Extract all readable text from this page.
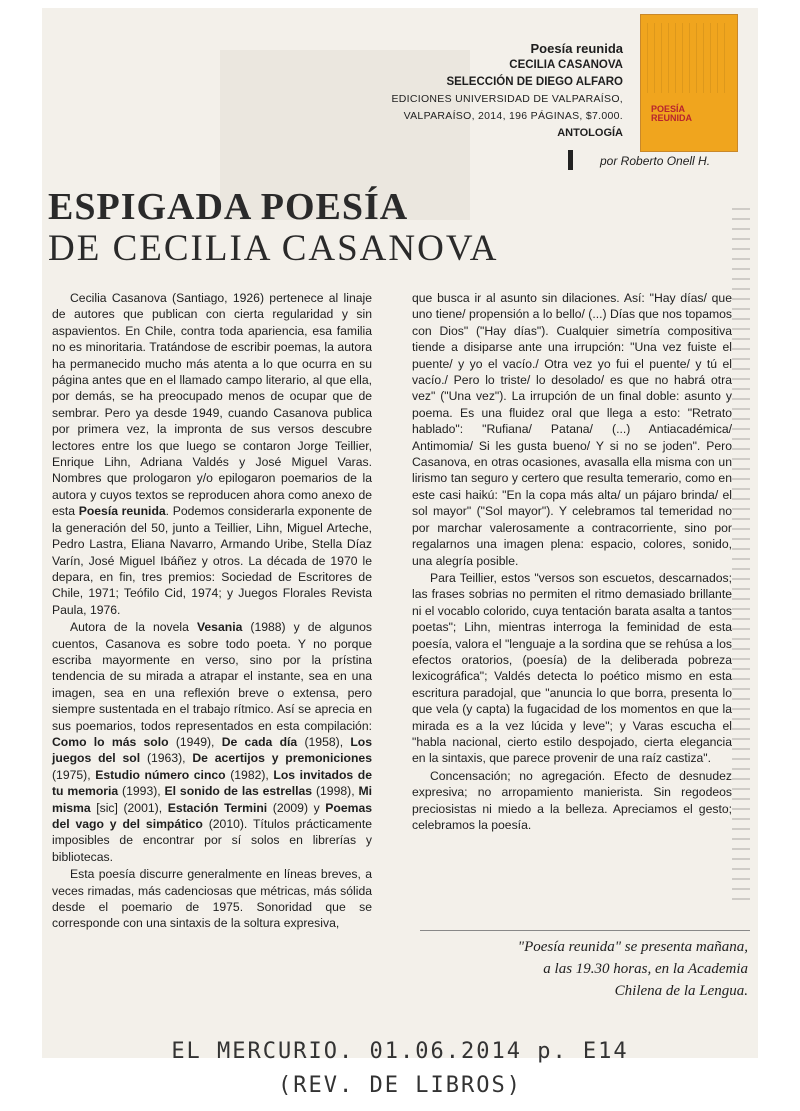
Poesía reunida
CECILIA CASANOVA
SELECCIÓN DE DIEGO ALFARO
EDICIONES UNIVERSIDAD DE VALPARAÍSO,
VALPARAÍSO, 2014, 196 PÁGINAS, $7.000.
ANTOLOGÍA
POESÍA
REUNIDA
por Roberto Onell H.
ESPIGADA POESÍA
DE CECILIA CASANOVA

Cecilia Casanova (Santiago, 1926) pertenece al linaje de autores que publican con cierta regularidad y sin aspavientos. En Chile, contra toda apariencia, esa familia no es minoritaria. Tratándose de escribir poemas, la autora ha permanecido mucho más atenta a lo que ocurra en su página antes que en el llamado campo literario, al que ella, por demás, se ha preocupado menos de ocupar que de sembrar. Pero ya desde 1949, cuando Casanova publica por primera vez, la impronta de sus versos descubre lectores entre los que luego se contaron Jorge Teillier, Enrique Lihn, Adriana Valdés y José Miguel Varas. Nombres que prologaron y/o epilogaron poemarios de la autora y cuyos textos se reproducen ahora como anexo de esta Poesía reunida. Podemos considerarla exponente de la generación del 50, junto a Teillier, Lihn, Miguel Arteche, Pedro Lastra, Eliana Navarro, Armando Uribe, Stella Díaz Varín, José Miguel Ibáñez y otros. La década de 1970 le depara, en fin, tres premios: Sociedad de Escritores de Chile, 1971; Teófilo Cid, 1974; y Juegos Florales Revista Paula, 1976.

Autora de la novela Vesania (1988) y de algunos cuentos, Casanova es sobre todo poeta. Y no porque escriba mayormente en verso, sino por la prístina tendencia de su mirada a atrapar el instante, sea en una imagen, sea en una reflexión breve o extensa, pero siempre sustentada en el trabajo rítmico. Así se aprecia en sus poemarios, todos representados en esta compilación: Como lo más solo (1949), De cada día (1958), Los juegos del sol (1963), De acertijos y premoniciones (1975), Estudio número cinco (1982), Los invitados de tu memoria (1993), El sonido de las estrellas (1998), Mi misma [sic] (2001), Estación Termini (2009) y Poemas del vago y del simpático (2010). Títulos prácticamente imposibles de encontrar por sí solos en librerías y bibliotecas.

Esta poesía discurre generalmente en líneas breves, a veces rimadas, más cadenciosas que métricas, más sólida desde el poemario de 1975. Sonoridad que se corresponde con una sintaxis de la soltura expresiva,

que busca ir al asunto sin dilaciones. Así: "Hay días/ que uno tiene/ propensión a lo bello/ (...) Días que nos topamos con Dios" ("Hay días"). Cualquier simetría compositiva tiende a disiparse ante una irrupción: "Una vez fuiste el puente/ y yo el vacío./ Otra vez yo fui el puente/ y tú el vacío./ Pero lo triste/ lo desolado/ es que no habrá otra vez" ("Una vez"). La irrupción de un final doble: asunto y poema. Es una fluidez oral que llega a esto: "Retrato hablado": "Rufiana/ Patana/ (...) Antiacadémica/ Antimomia/ Si les gusta bueno/ Y si no se joden". Pero Casanova, en otras ocasiones, avasalla ella misma con un lirismo tan seguro y certero que resulta temerario, como en este casi haikú: "En la copa más alta/ un pájaro brinda/ el sol mayor" ("Sol mayor"). Y celebramos tal temeridad no por marchar valerosamente a contracorriente, sino por regalarnos una imagen plena: espacio, colores, sonido, una alegría posible.

Para Teillier, estos "versos son escuetos, descarnados; las frases sobrias no permiten el ritmo demasiado brillante ni el vocablo colorido, cuya tentación barata asalta a tantos poetas"; Lihn, mientras interroga la feminidad de esta poesía, valora el "lenguaje a la sordina que se rehúsa a los efectos oratorios, (poesía) de la deliberada pobreza lexicográfica"; Valdés detecta lo poético mismo en esta escritura paradojal, que "anuncia lo que borra, presenta lo que vela (y capta) la fugacidad de los momentos en que la mirada es a la vez lúcida y leve"; y Varas escucha el "habla nacional, cierto estilo despojado, cierta elegancia en la sintaxis, que parece provenir de una raíz castiza".

Concensación; no agregación. Efecto de desnudez expresiva; no arropamiento manierista. Sin regodeos preciosistas ni miedo a la belleza. Apreciamos el gesto; celebramos la poesía.

"Poesía reunida" se presenta mañana,
a las 19.30 horas, en la Academia
Chilena de la Lengua.
EL MERCURIO. 01.06.2014 p. E14
(REV. DE LIBROS)
